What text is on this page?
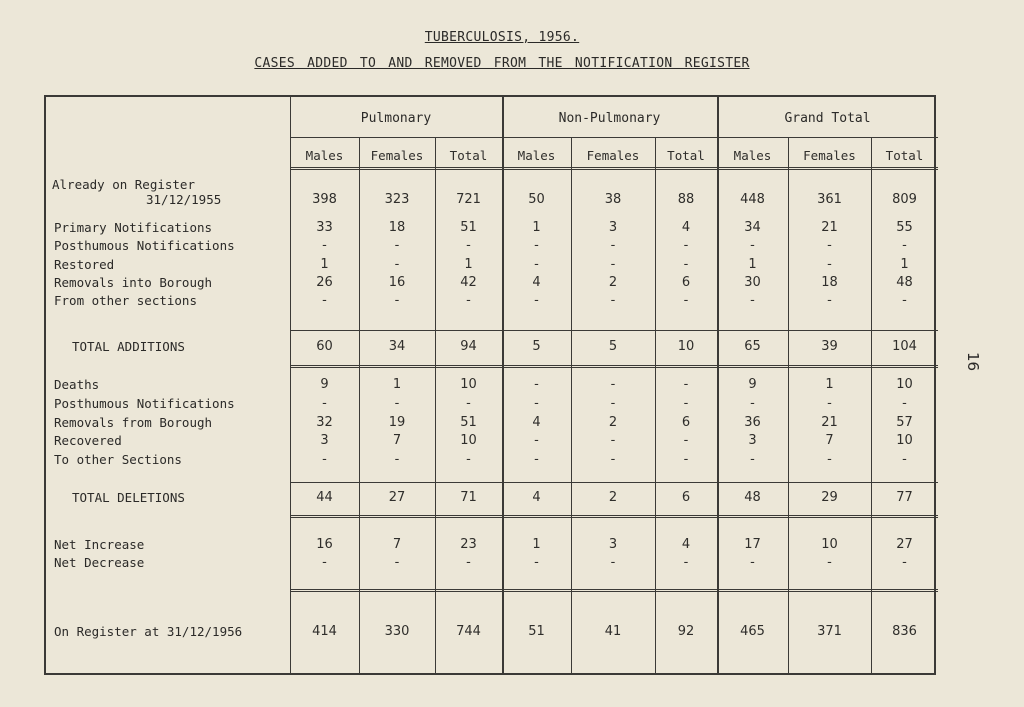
TUBERCULOSIS, 1956.
CASES ADDED TO AND REMOVED FROM THE NOTIFICATION REGISTER
16
Pulmonary	Non-Pulmonary	Grand Total
Males	Females	Total	Males	Females	Total	Males	Females	Total
Already on Register
31/12/1955	398	323	721	50	38	88	448	361	809
Primary Notifications	33	18	51	1	3	4	34	21	55
Posthumous Notifications	-	-	-	-	-	-	-	-	-
Restored	1	-	1	-	-	-	1	-	1
Removals into Borough	26	16	42	4	2	6	30	18	48
From other sections	-	-	-	-	-	-	-	-	-
TOTAL ADDITIONS	60	34	94	5	5	10	65	39	104
Deaths	9	1	10	-	-	-	9	1	10
Posthumous Notifications	-	-	-	-	-	-	-	-	-
Removals from Borough	32	19	51	4	2	6	36	21	57
Recovered	3	7	10	-	-	-	3	7	10
To other Sections	-	-	-	-	-	-	-	-	-
TOTAL DELETIONS	44	27	71	4	2	6	48	29	77
Net Increase	16	7	23	1	3	4	17	10	27
Net Decrease	-	-	-	-	-	-	-	-	-
On Register at 31/12/1956	414	330	744	51	41	92	465	371	836
